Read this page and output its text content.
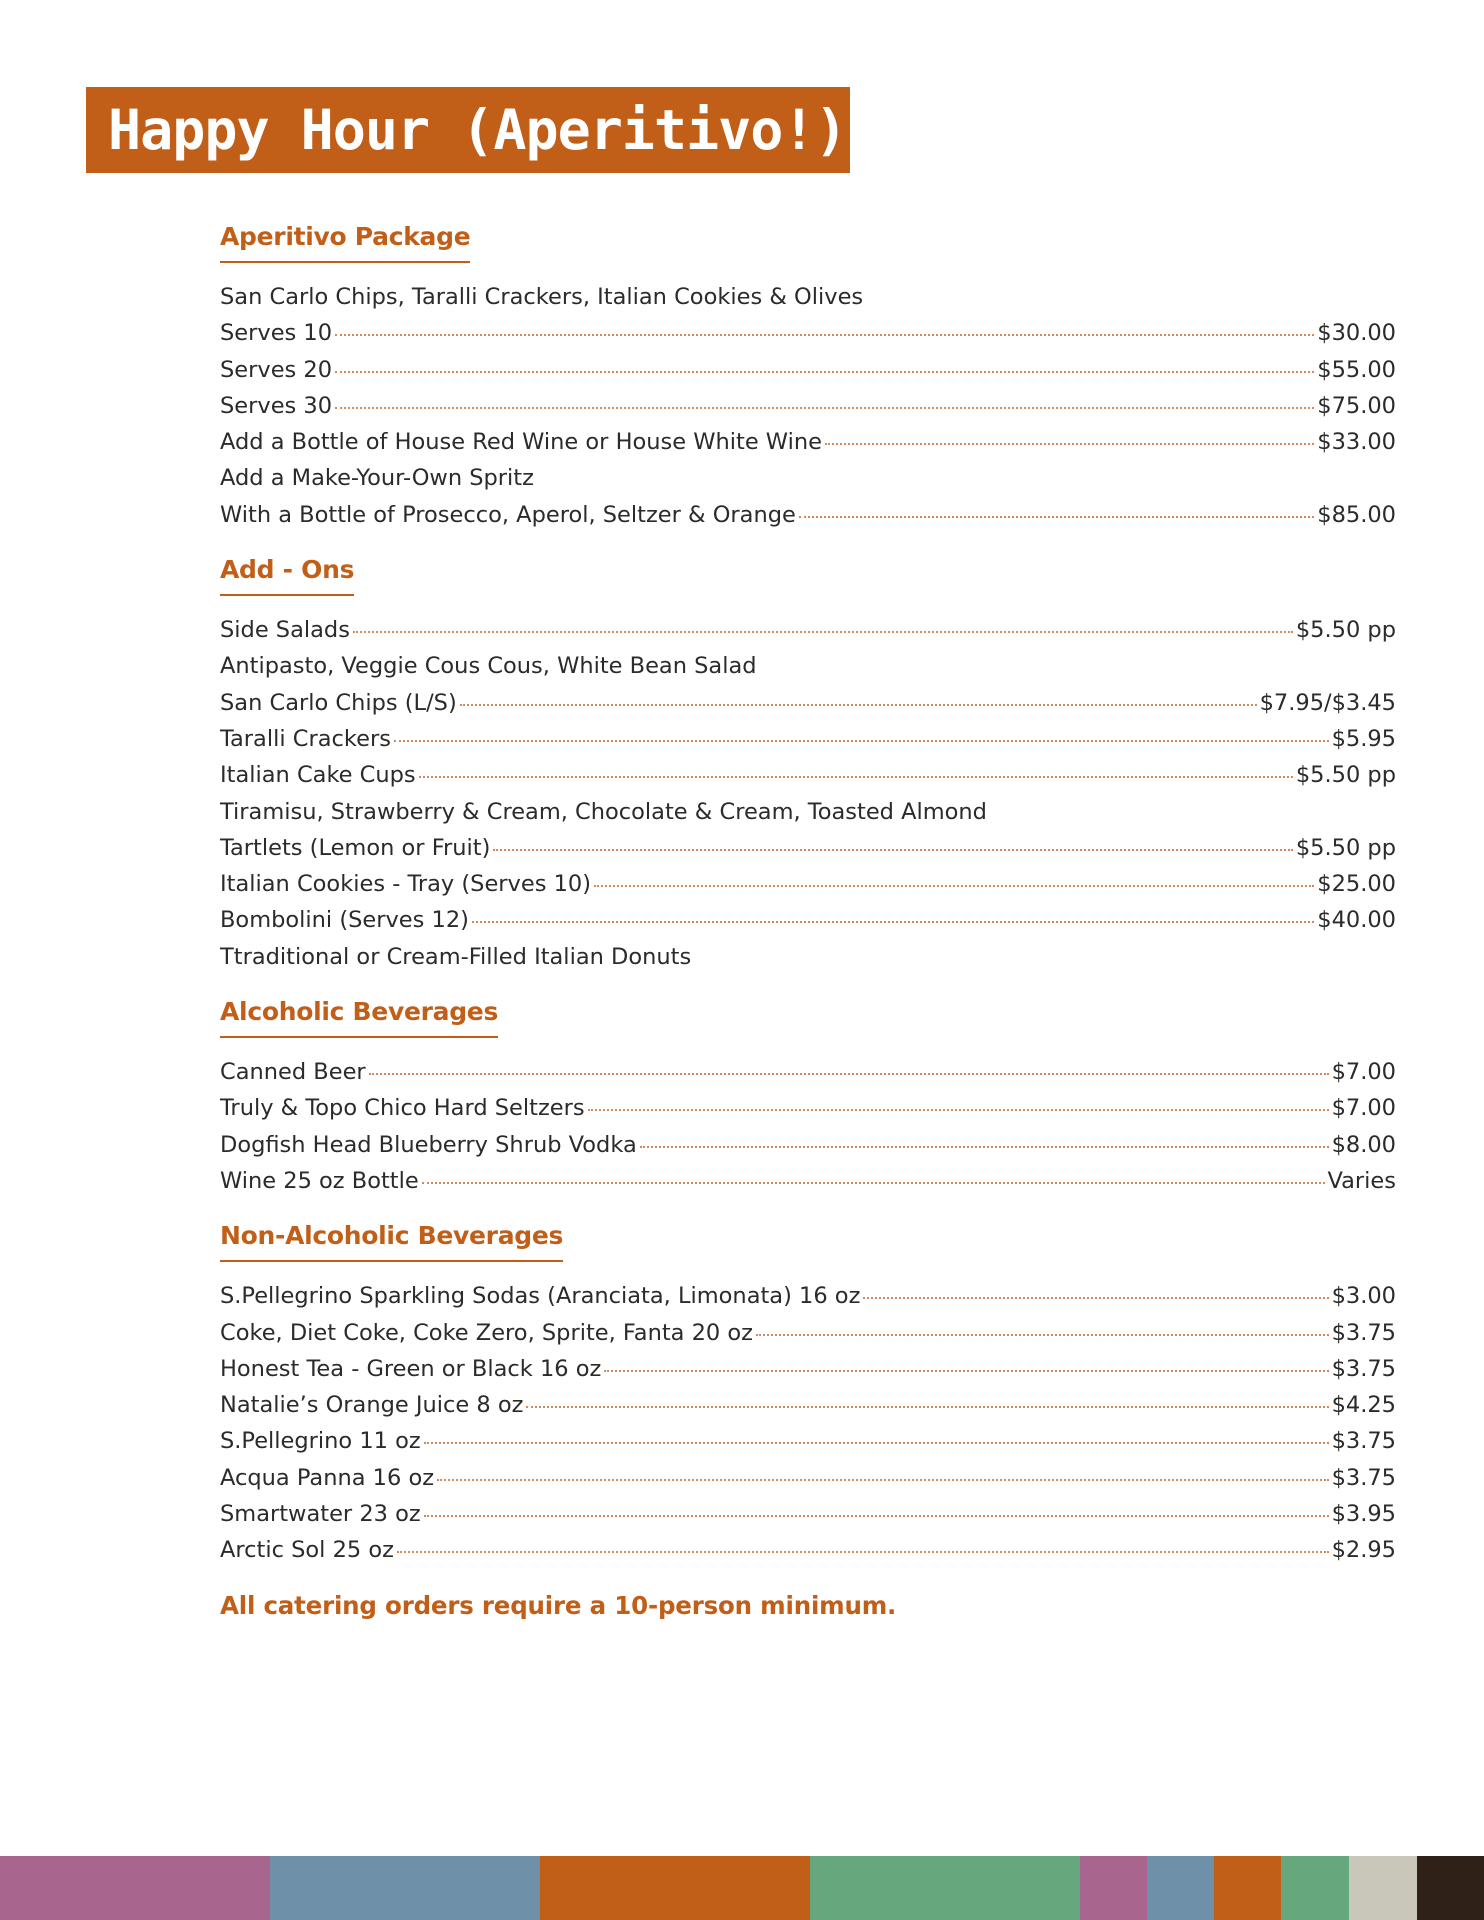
Happy Hour (Aperitivo!)
Aperitivo Package
San Carlo Chips, Taralli Crackers, Italian Cookies & Olives
Serves 10	$30.00
Serves 20	$55.00
Serves 30	$75.00
Add a Bottle of House Red Wine or House White Wine	$33.00
Add a Make-Your-Own Spritz
With a Bottle of Prosecco, Aperol, Seltzer & Orange	$85.00
Add - Ons
Side Salads	$5.50 pp
Antipasto, Veggie Cous Cous, White Bean Salad
San Carlo Chips (L/S)	$7.95/$3.45
Taralli Crackers	$5.95
Italian Cake Cups	$5.50 pp
Tiramisu, Strawberry & Cream, Chocolate & Cream, Toasted Almond
Tartlets (Lemon or Fruit)	$5.50 pp
Italian Cookies - Tray (Serves 10)	$25.00
Bombolini (Serves 12)	$40.00
Ttraditional or Cream-Filled Italian Donuts
Alcoholic Beverages
Canned Beer	$7.00
Truly & Topo Chico Hard Seltzers	$7.00
Dogfish Head Blueberry Shrub Vodka	$8.00
Wine 25 oz Bottle	Varies
Non-Alcoholic Beverages
S.Pellegrino Sparkling Sodas (Aranciata, Limonata) 16 oz	$3.00
Coke, Diet Coke, Coke Zero, Sprite, Fanta 20 oz	$3.75
Honest Tea - Green or Black 16 oz	$3.75
Natalie’s Orange Juice 8 oz	$4.25
S.Pellegrino 11 oz	$3.75
Acqua Panna 16 oz	$3.75
Smartwater 23 oz	$3.95
Arctic Sol 25 oz	$2.95
All catering orders require a 10-person minimum.
